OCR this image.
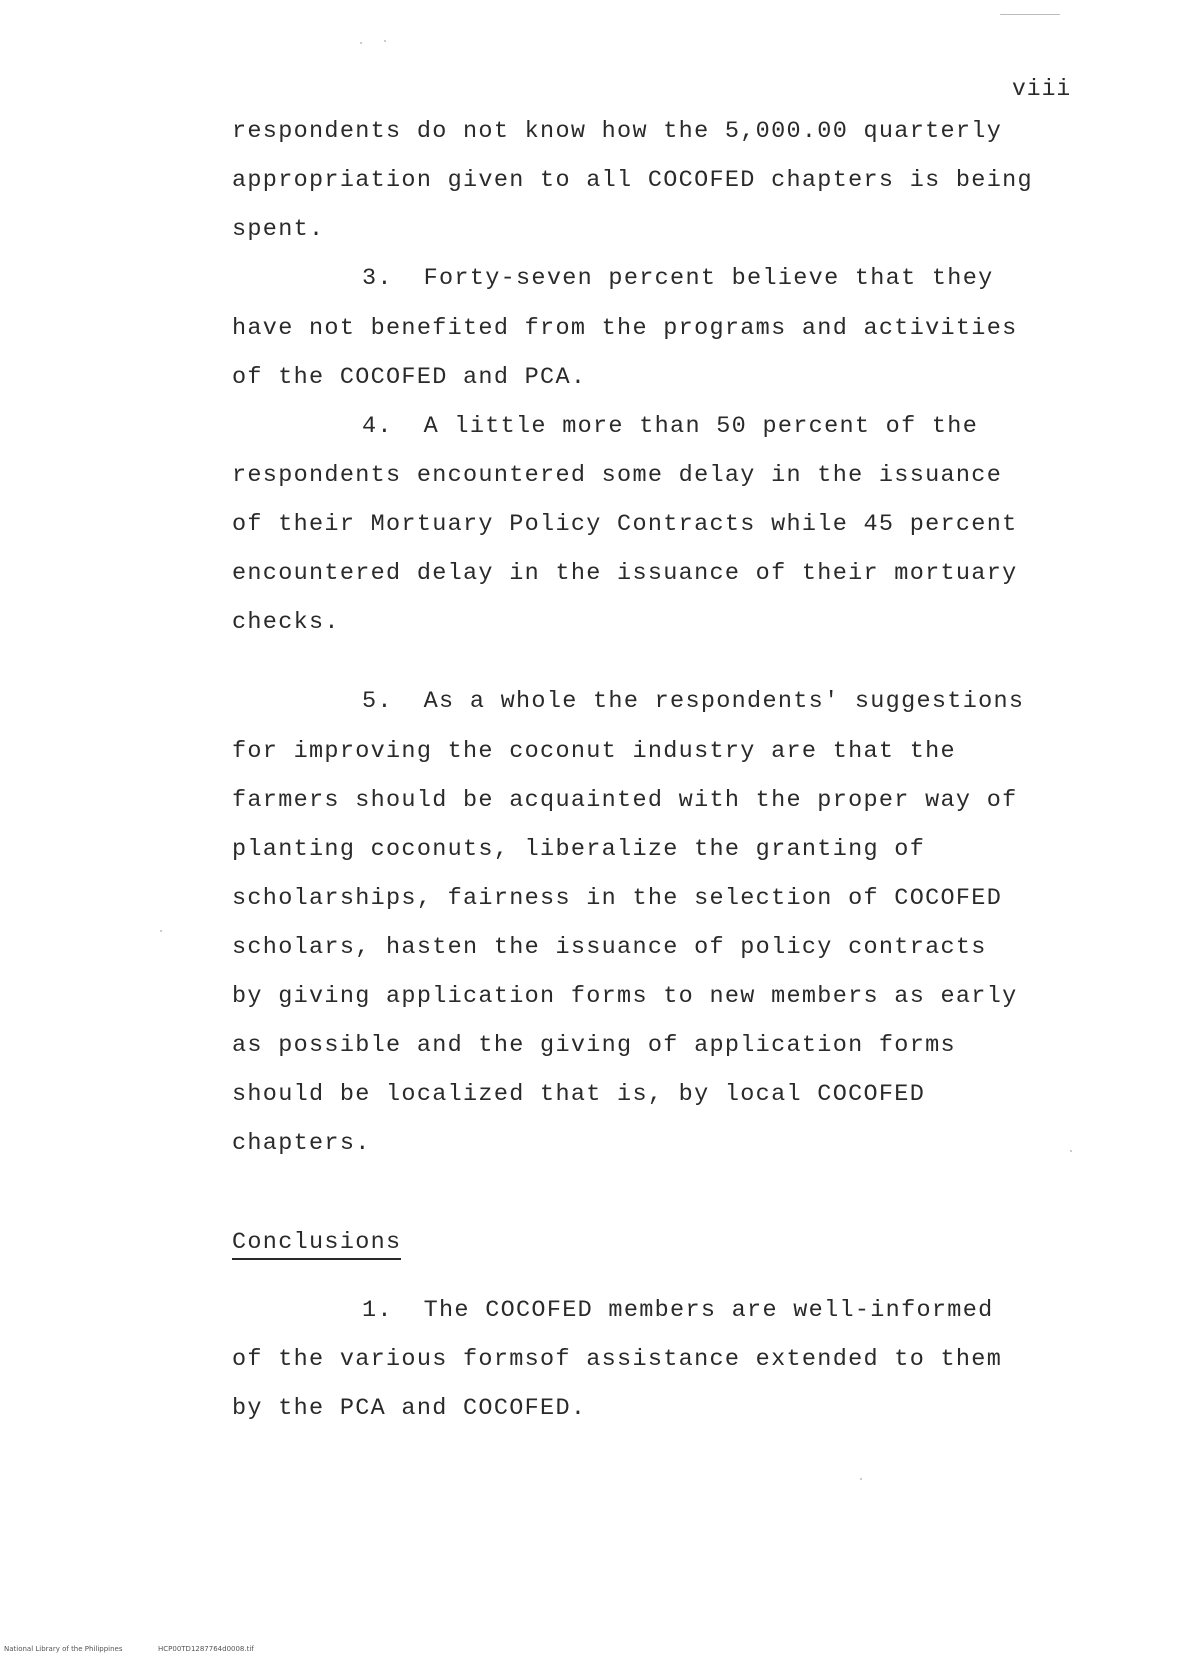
viii
respondents do not know how the 5,000.00 quarterly
appropriation given to all COCOFED chapters is being
spent.
3.  Forty-seven percent believe that they
have not benefited from the programs and activities
of the COCOFED and PCA.
4.  A little more than 50 percent of the
respondents encountered some delay in the issuance
of their Mortuary Policy Contracts while 45 percent
encountered delay in the issuance of their mortuary
checks.
5.  As a whole the respondents' suggestions
for improving the coconut industry are that the
farmers should be acquainted with the proper way of
planting coconuts, liberalize the granting of
scholarships, fairness in the selection of COCOFED
scholars, hasten the issuance of policy contracts
by giving application forms to new members as early
as possible and the giving of application forms
should be localized that is, by local COCOFED
chapters.
Conclusions
1.  The COCOFED members are well-informed
of the various formsof assistance extended to them
by the PCA and COCOFED.
National Library of the Philippines	HCP00TD1287764d0008.tif
